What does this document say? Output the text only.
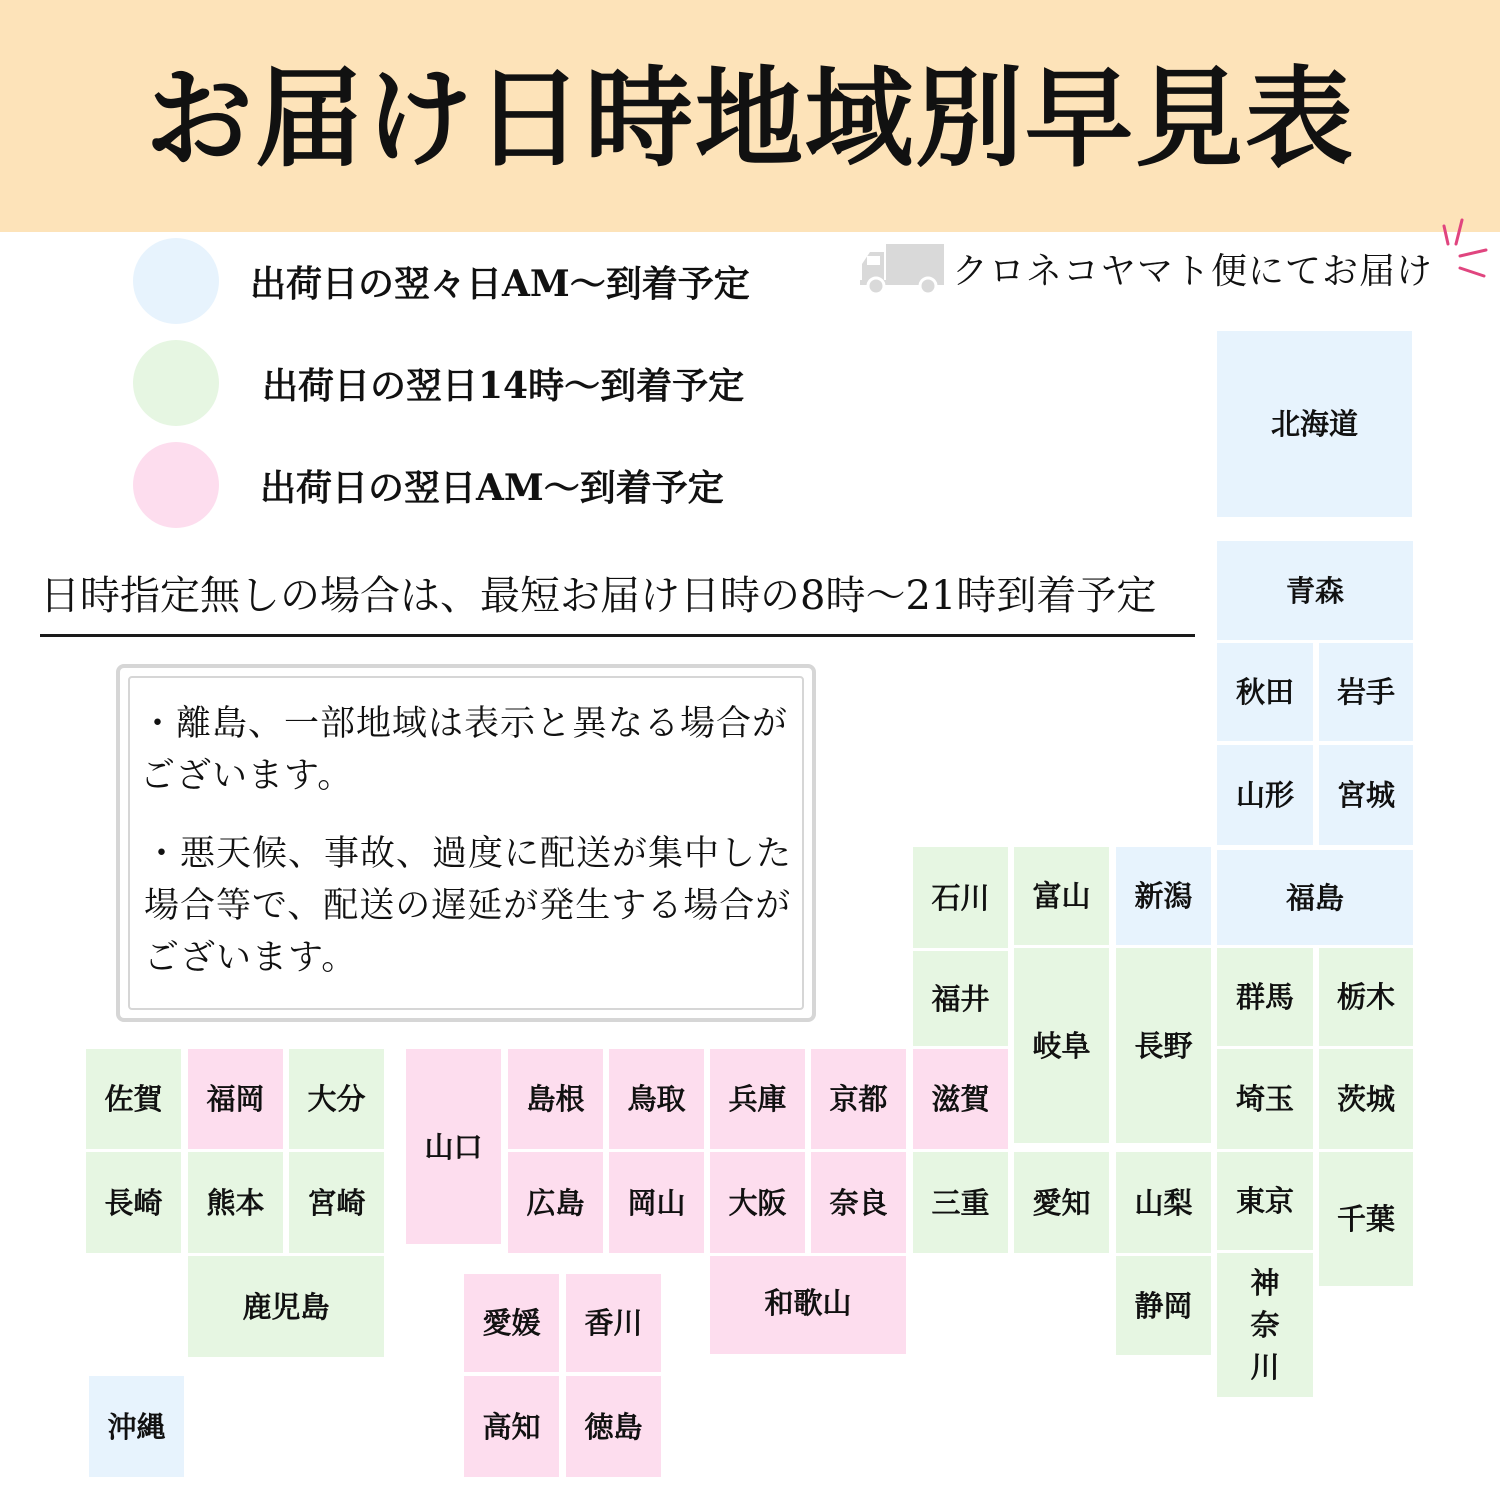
お届け日時地域別早見表
出荷日の翌々日AM～到着予定
出荷日の翌日14時～到着予定
出荷日の翌日AM～到着予定
クロネコヤマト便にてお届け
日時指定無しの場合は、最短お届け日時の8時～21時到着予定
・離島、一部地域は表示と異なる場合がございます。
・悪天候、事故、過度に配送が集中した場合等で、配送の遅延が発生する場合がございます。
北海道
青森
秋田	岩手
山形	宮城
石川	富山	新潟	福島
福井
岐阜	長野
群馬	栃木
佐賀	福岡	大分
山口
島根	鳥取	兵庫	京都	滋賀	埼玉	茨城
長崎	熊本	宮崎	広島	岡山	大阪	奈良	三重	愛知	山梨	東京
千葉
鹿児島	和歌山	静岡
神奈川
愛媛	香川
沖縄	高知	徳島
